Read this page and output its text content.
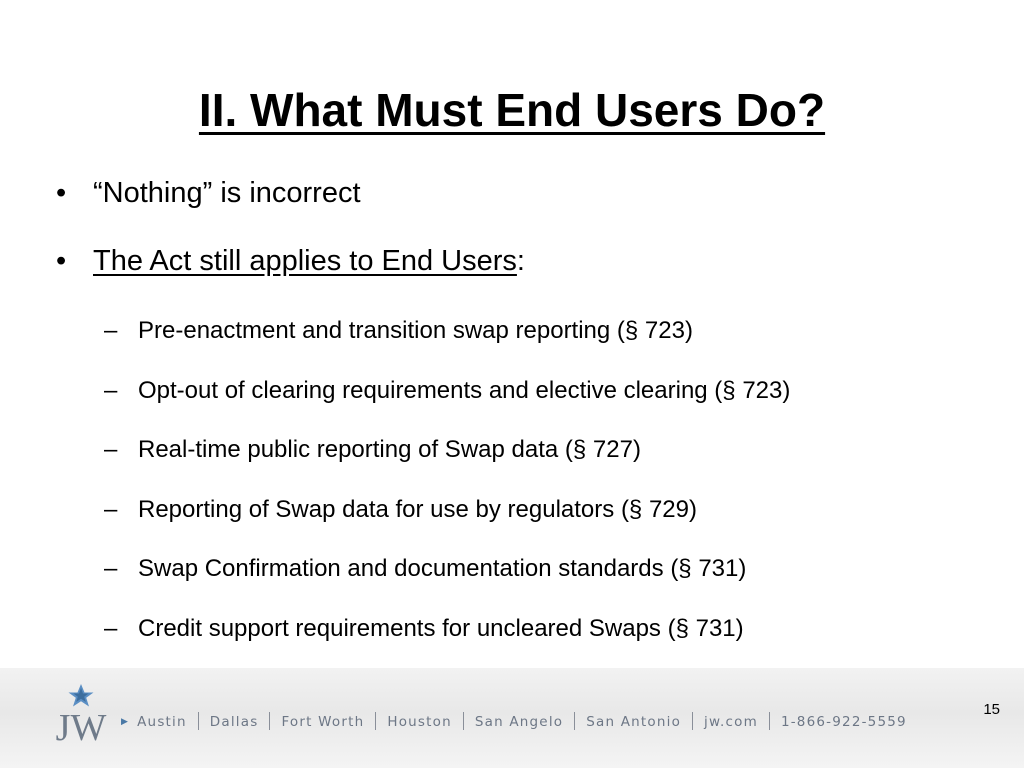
II. What Must End Users Do?
• “Nothing” is incorrect
• The Act still applies to End Users:
– Pre-enactment and transition swap reporting (§ 723)
– Opt-out of clearing requirements and elective clearing (§ 723)
– Real-time public reporting of Swap data (§ 727)
– Reporting of Swap data for use by regulators (§ 729)
– Swap Confirmation and documentation standards (§ 731)
– Credit support requirements for uncleared Swaps (§ 731)
JW ▶ Austin Dallas Fort Worth Houston San Angelo San Antonio jw.com 1-866-922-5559
15
